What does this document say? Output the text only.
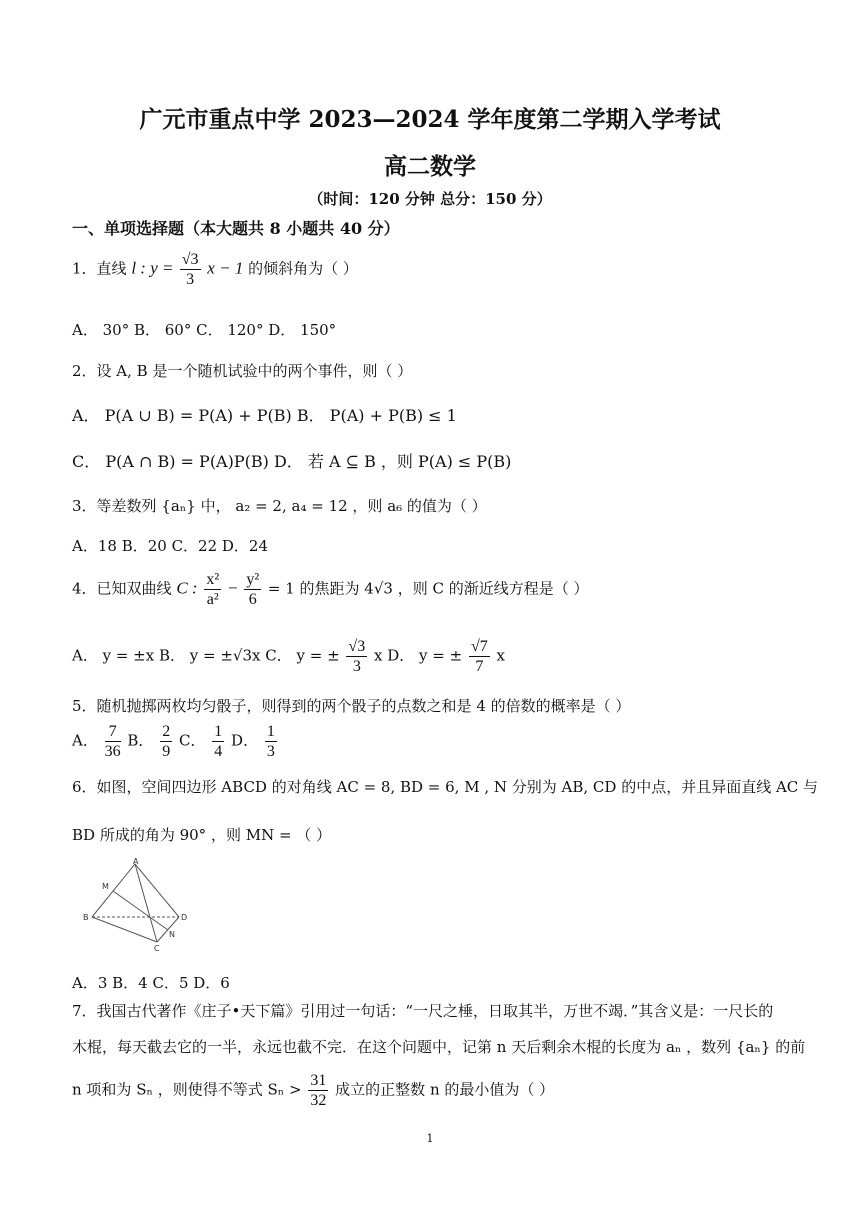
广元市重点中学 2023—2024 学年度第二学期入学考试
高二数学
（时间：120 分钟 总分：150 分）
一、单项选择题（本大题共 8 小题共 40 分）
1．直线 l : $y = \frac{√3}{3}$ x − 1 的倾斜角为（ ）
A． 30° B． 60° C． 120° D． 150°
2．设 A, B 是一个随机试验中的两个事件，则（ ）
A． P(A ∪ B) = P(A) + P(B) B． P(A) + P(B) ≤ 1
C． P(A ∩ B) = P(A)P(B) D． 若 A ⊆ B ，则 P(A) ≤ P(B)
3．等差数列 {aₙ} 中， a₂ = 2, a₄ = 12 ，则 a₆ 的值为（ ）
A．18 B．20 C．22 D．24
4．已知双曲线 C : $\frac{\text{x²}}{\text{a²}} - \frac{\text{y²}}{6} = 1$ 的焦距为 4√3 ，则 C 的渐近线方程是（ ）
A． y = ±x B． y = ±√3x C． y = ± $\frac{√3}{3}$ x D． y = ± $\frac{√7}{7}$ x
5．随机抛掷两枚均匀骰子，则得到的两个骰子的点数之和是 4 的倍数的概率是（ ）
A． $\frac{7}{36}$ B． $\frac{2}{9}$ C． $\frac{1}{4}$ D． $\frac{1}{3}$
6．如图，空间四边形 ABCD 的对角线 AC = 8, BD = 6, M , N 分别为 AB, CD 的中点，并且异面直线 AC 与
BD 所成的角为 90° ，则 MN = （ ）
A
M
B	D
N
C
A．3 B．4 C．5 D．6
7．我国古代著作《庄子•天下篇》引用过一句话：“一尺之棰，日取其半，万世不竭．”其含义是：一尺长的
木棍，每天截去它的一半，永远也截不完．在这个问题中，记第 n 天后剩余木棍的长度为 aₙ ，数列 {aₙ} 的前
n 项和为 Sₙ ，则使得不等式 $S_n > \frac{31}{32}$ 成立的正整数 n 的最小值为（ ）
1
